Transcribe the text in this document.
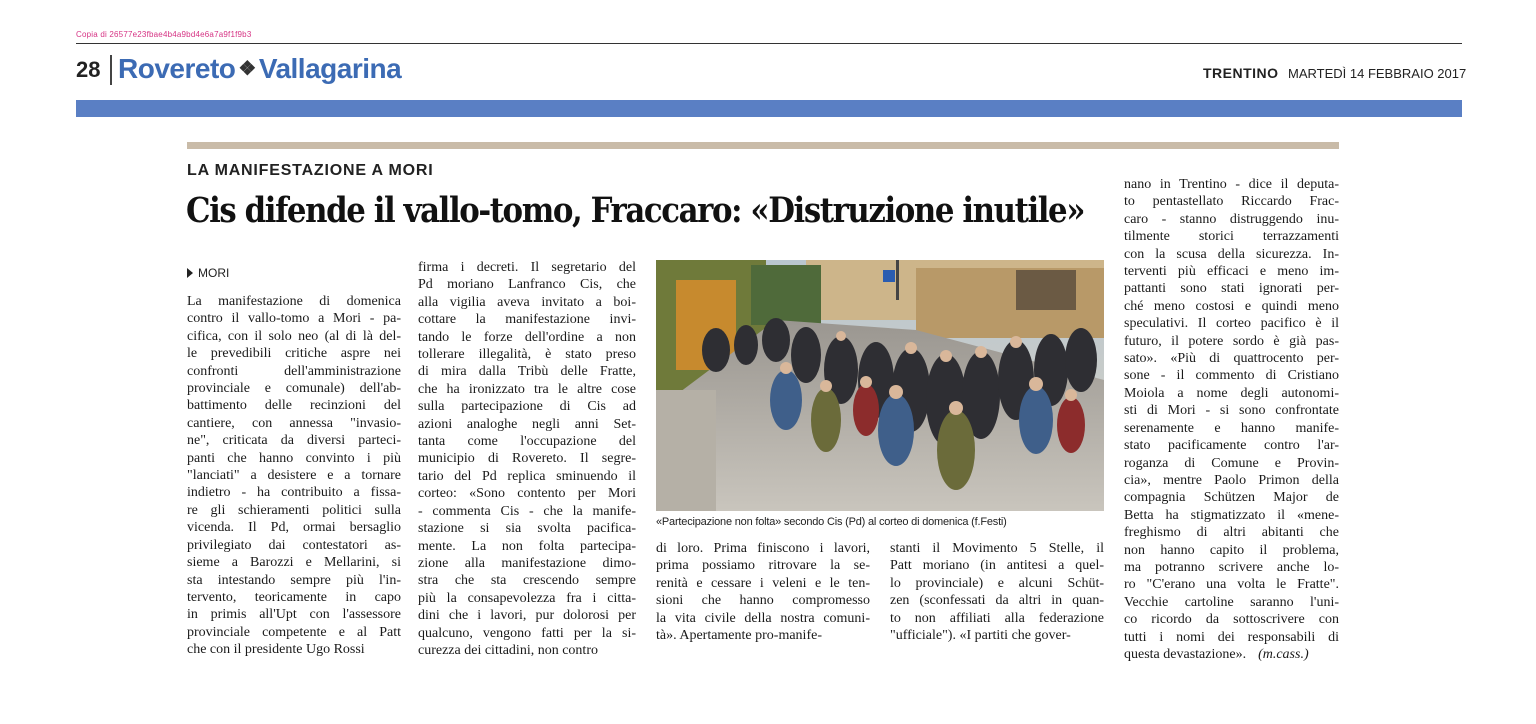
Copia di 26577e23fbae4b4a9bd4e6a7a9f1f9b3
28 Rovereto ❖ Vallagarina	TRENTINO MARTEDÌ 14 FEBBRAIO 2017
LA MANIFESTAZIONE A MORI
Cis difende il vallo-tomo, Fraccaro: «Distruzione inutile»
MORI
La manifestazione di domenica
contro il vallo-tomo a Mori - pa-
cifica, con il solo neo (al di là del-
le prevedibili critiche aspre nei
confronti dell'amministrazione
provinciale e comunale) dell'ab-
battimento delle recinzioni del
cantiere, con annessa "invasio-
ne", criticata da diversi parteci-
panti che hanno convinto i più
"lanciati" a desistere e a tornare
indietro - ha contribuito a fissa-
re gli schieramenti politici sulla
vicenda. Il Pd, ormai bersaglio
privilegiato dai contestatori as-
sieme a Barozzi e Mellarini, si
sta intestando sempre più l'in-
tervento, teoricamente in capo
in primis all'Upt con l'assessore
provinciale competente e al Patt
che con il presidente Ugo Rossi
firma i decreti. Il segretario del
Pd moriano Lanfranco Cis, che
alla vigilia aveva invitato a boi-
cottare la manifestazione invi-
tando le forze dell'ordine a non
tollerare illegalità, è stato preso
di mira dalla Tribù delle Fratte,
che ha ironizzato tra le altre cose
sulla partecipazione di Cis ad
azioni analoghe negli anni Set-
tanta come l'occupazione del
municipio di Rovereto. Il segre-
tario del Pd replica sminuendo il
corteo: «Sono contento per Mori
- commenta Cis - che la manife-
stazione si sia svolta pacifica-
mente. La non folta partecipa-
zione alla manifestazione dimo-
stra che sta crescendo sempre
più la consapevolezza fra i citta-
dini che i lavori, pur dolorosi per
qualcuno, vengono fatti per la si-
curezza dei cittadini, non contro
di loro. Prima finiscono i lavori,
prima possiamo ritrovare la se-
renità e cessare i veleni e le ten-
sioni che hanno compromesso
la vita civile della nostra comuni-
tà». Apertamente pro-manife-
stanti il Movimento 5 Stelle, il
Patt moriano (in antitesi a quel-
lo provinciale) e alcuni Schüt-
zen (sconfessati da altri in quan-
to non affiliati alla federazione
"ufficiale"). «I partiti che gover-
nano in Trentino - dice il deputa-
to pentastellato Riccardo Frac-
caro - stanno distruggendo inu-
tilmente storici terrazzamenti
con la scusa della sicurezza. In-
terventi più efficaci e meno im-
pattanti sono stati ignorati per-
ché meno costosi e quindi meno
speculativi. Il corteo pacifico è il
futuro, il potere sordo è già pas-
sato». «Più di quattrocento per-
sone - il commento di Cristiano
Moiola a nome degli autonomi-
sti di Mori - si sono confrontate
serenamente e hanno manife-
stato pacificamente contro l'ar-
roganza di Comune e Provin-
cia», mentre Paolo Primon della
compagnia Schützen Major de
Betta ha stigmatizzato il «mene-
freghismo di altri abitanti che
non hanno capito il problema,
ma potranno scrivere anche lo-
ro "C'erano una volta le Fratte".
Vecchie cartoline saranno l'uni-
co ricordo da sottoscrivere con
tutti i nomi dei responsabili di
questa devastazione». (m.cass.)
«Partecipazione non folta» secondo Cis (Pd) al corteo di domenica (f.Festi)
